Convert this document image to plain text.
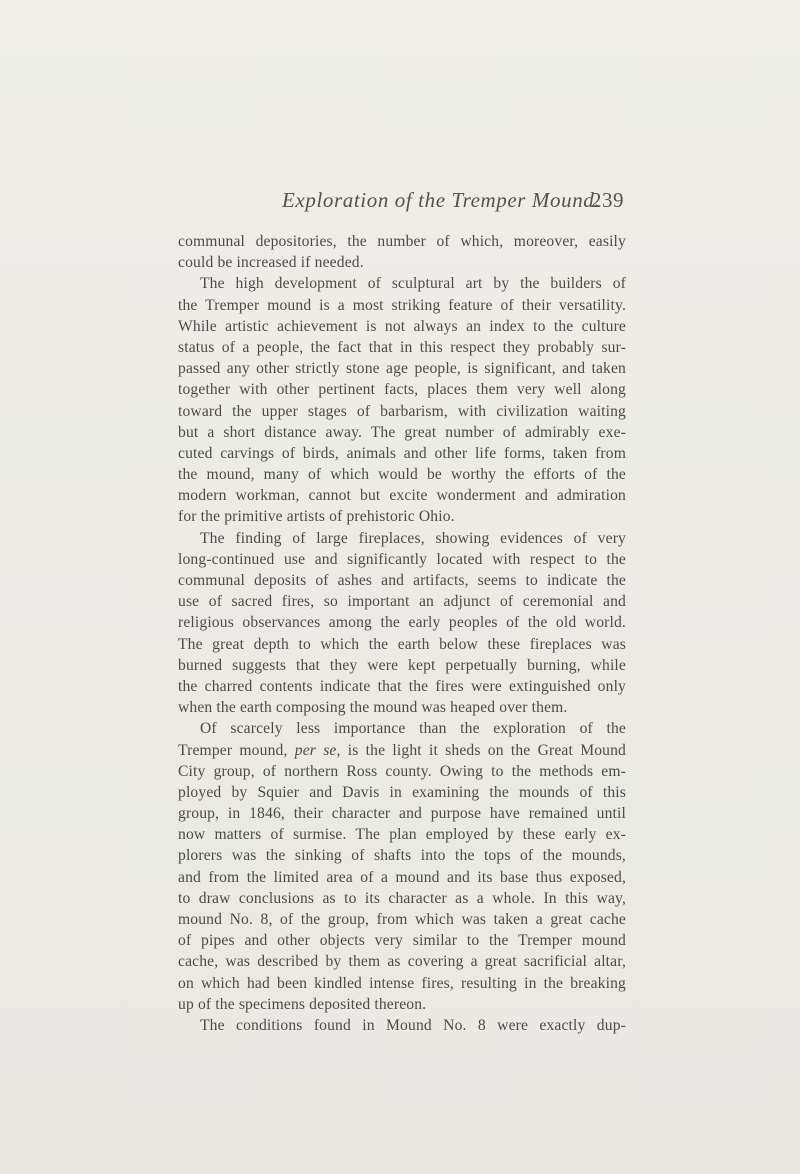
Exploration of the Tremper Mound.
239
communal depositories, the number of which, moreover, easily
could be increased if needed.
The high development of sculptural art by the builders of
the Tremper mound is a most striking feature of their versatility.
While artistic achievement is not always an index to the culture
status of a people, the fact that in this respect they probably sur-
passed any other strictly stone age people, is significant, and taken
together with other pertinent facts, places them very well along
toward the upper stages of barbarism, with civilization waiting
but a short distance away. The great number of admirably exe-
cuted carvings of birds, animals and other life forms, taken from
the mound, many of which would be worthy the efforts of the
modern workman, cannot but excite wonderment and admiration
for the primitive artists of prehistoric Ohio.
The finding of large fireplaces, showing evidences of very
long-continued use and significantly located with respect to the
communal deposits of ashes and artifacts, seems to indicate the
use of sacred fires, so important an adjunct of ceremonial and
religious observances among the early peoples of the old world.
The great depth to which the earth below these fireplaces was
burned suggests that they were kept perpetually burning, while
the charred contents indicate that the fires were extinguished only
when the earth composing the mound was heaped over them.
Of scarcely less importance than the exploration of the
Tremper mound, per se, is the light it sheds on the Great Mound
City group, of northern Ross county. Owing to the methods em-
ployed by Squier and Davis in examining the mounds of this
group, in 1846, their character and purpose have remained until
now matters of surmise. The plan employed by these early ex-
plorers was the sinking of shafts into the tops of the mounds,
and from the limited area of a mound and its base thus exposed,
to draw conclusions as to its character as a whole. In this way,
mound No. 8, of the group, from which was taken a great cache
of pipes and other objects very similar to the Tremper mound
cache, was described by them as covering a great sacrificial altar,
on which had been kindled intense fires, resulting in the breaking
up of the specimens deposited thereon.
The conditions found in Mound No. 8 were exactly dup-
